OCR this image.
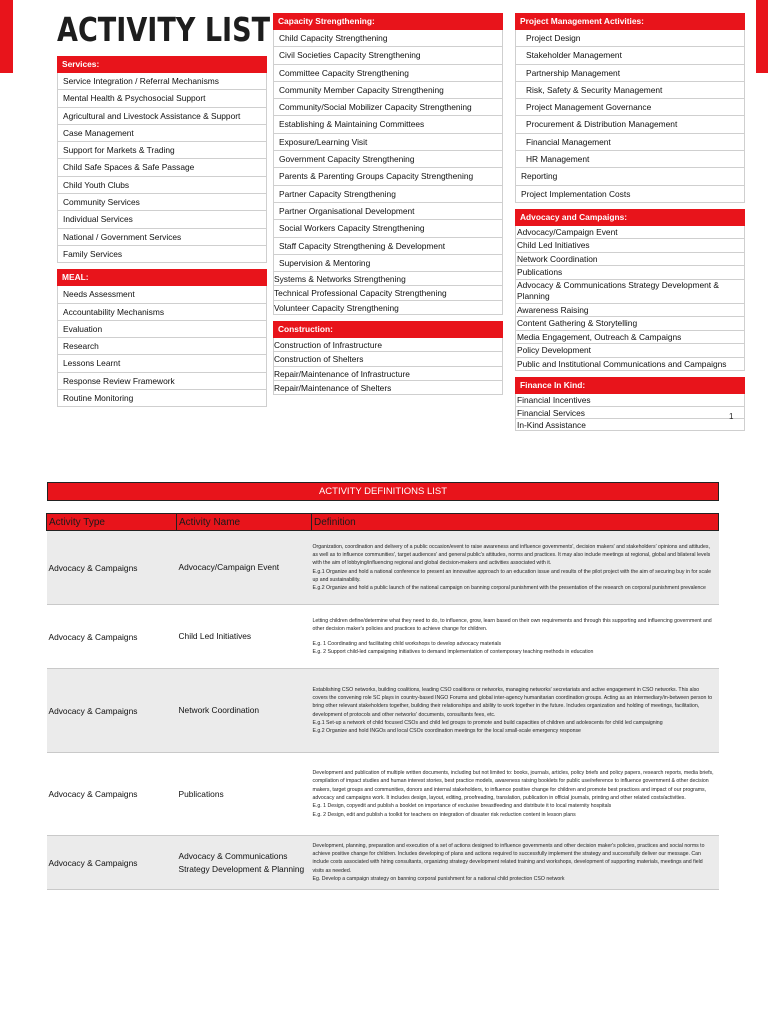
ACTIVITY LIST
Services:
Service Integration / Referral Mechanisms
Mental Health & Psychosocial Support
Agricultural and Livestock Assistance & Support
Case Management
Support for Markets & Trading
Child Safe Spaces & Safe Passage
Child Youth Clubs
Community Services
Individual Services
National / Government Services
Family Services
MEAL:
Needs Assessment
Accountability Mechanisms
Evaluation
Research
Lessons Learnt
Response Review Framework
Routine Monitoring
Capacity Strengthening:
Child Capacity Strengthening
Civil Societies Capacity Strengthening
Committee Capacity Strengthening
Community Member Capacity Strengthening
Community/Social Mobilizer Capacity Strengthening
Establishing & Maintaining Committees
Exposure/Learning Visit
Government Capacity Strengthening
Parents & Parenting Groups Capacity Strengthening
Partner Capacity Strengthening
Partner Organisational Development
Social Workers Capacity Strengthening
Staff Capacity Strengthening & Development
Supervision & Mentoring
Systems & Networks Strengthening
Technical Professional Capacity Strengthening
Volunteer Capacity Strengthening
Construction:
Construction of Infrastructure
Construction of Shelters
Repair/Maintenance of Infrastructure
Repair/Maintenance of Shelters
Project Management Activities:
Project Design
Stakeholder Management
Partnership Management
Risk, Safety & Security Management
Project Management Governance
Procurement & Distribution Management
Financial Management
HR Management
Reporting
Project Implementation Costs
Advocacy and Campaigns:
Advocacy/Campaign Event
Child Led Initiatives
Network Coordination
Publications
Advocacy & Communications Strategy Development & Planning
Awareness Raising
Content Gathering & Storytelling
Media Engagement, Outreach & Campaigns
Policy Development
Public and Institutional Communications and Campaigns
Finance In Kind:
Financial Incentives
Financial Services
In-Kind Assistance
1
ACTIVITY DEFINITIONS LIST
Activity Type	Activity Name	Definition
Advocacy & Campaigns	Advocacy/Campaign Event	Organization, coordination and delivery of a public occasion/event to raise awareness and influence governments', decision makers' and stakeholders' opinions and attitudes, as well as to influence communities', target audiences' and general public's attitudes, norms and practices. It may also include meetings at regional, global and bilateral levels with the aim of lobbying/influencing regional and global decision-makers and activities associated with it.

E.g.1 Organize and hold a national conference to present an innovative approach to an education issue and results of the pilot project with the aim of securing buy in for scale up and sustainability.

E.g.2 Organize and hold a public launch of the national campaign on banning corporal punishment with the presentation of the research on corporal punishment prevalence

Advocacy & Campaigns	Child Led Initiatives	Letting children define/determine what they need to do, to influence, grow, learn based on their own requirements and through this supporting and influencing government and other decision maker's policies and practices to achieve change for children.

E.g. 1 Coordinating and facilitating child workshops to develop advocacy materials

E.g. 2 Support child-led campaigning initiatives to demand implementation of contemporary teaching methods in education

Advocacy & Campaigns	Network Coordination	Establishing CSO networks, building coalitions, leading CSO coalitions or networks, managing networks' secretariats and active engagement in CSO networks. This also covers the convening role SC plays in country-based INGO Forums and global inter-agency humanitarian coordination groups. Acting as an intermediary/in-between person to bring other relevant stakeholders together, building their relationships and ability to work together in the future. Includes organization and holding of meetings, facilitation, development of protocols and other networks' documents, consultants fees, etc.

E.g.1 Set-up a network of child focused CSOs and child led groups to promote and build capacities of children and adolescents for child led campaigning

E.g.2 Organize and hold INGOs and local CSOs coordination meetings for the local small-scale emergency response

Advocacy & Campaigns	Publications	Development and publication of multiple written documents, including but not limited to: books, journals, articles, policy briefs and policy papers, research reports, media briefs, compilation of impact studies and human interest stories, best practice models, awareness raising booklets for public use/reference to influence government & other decision makers, target groups and communities, donors and internal stakeholders, to influence positive change for children and promote best practices and impact of our programs, advocacy and campaigns work. It includes design, layout, editing, proofreading, translation, publication in official journals, printing and other related costs/activities.

E.g. 1 Design, copyedit and publish a booklet on importance of exclusive breastfeeding and distribute it to local maternity hospitals

E.g. 2 Design, edit and publish a toolkit for teachers on integration of disaster risk reduction content in lesson plans

Advocacy & Campaigns	Advocacy & Communications Strategy Development & Planning	Development, planning, preparation and execution of a set of actions designed to influence governments and other decision maker's policies, practices and social norms to achieve positive change for children. Includes developing of plans and actions required to successfully implement the strategy and successfully deliver our message. Can include costs associated with hiring consultants, organizing strategy development related training and workshops, development of supporting materials, meetings and field visits as needed.

Eg. Develop a campaign strategy on banning corporal punishment for a national child protection CSO network
